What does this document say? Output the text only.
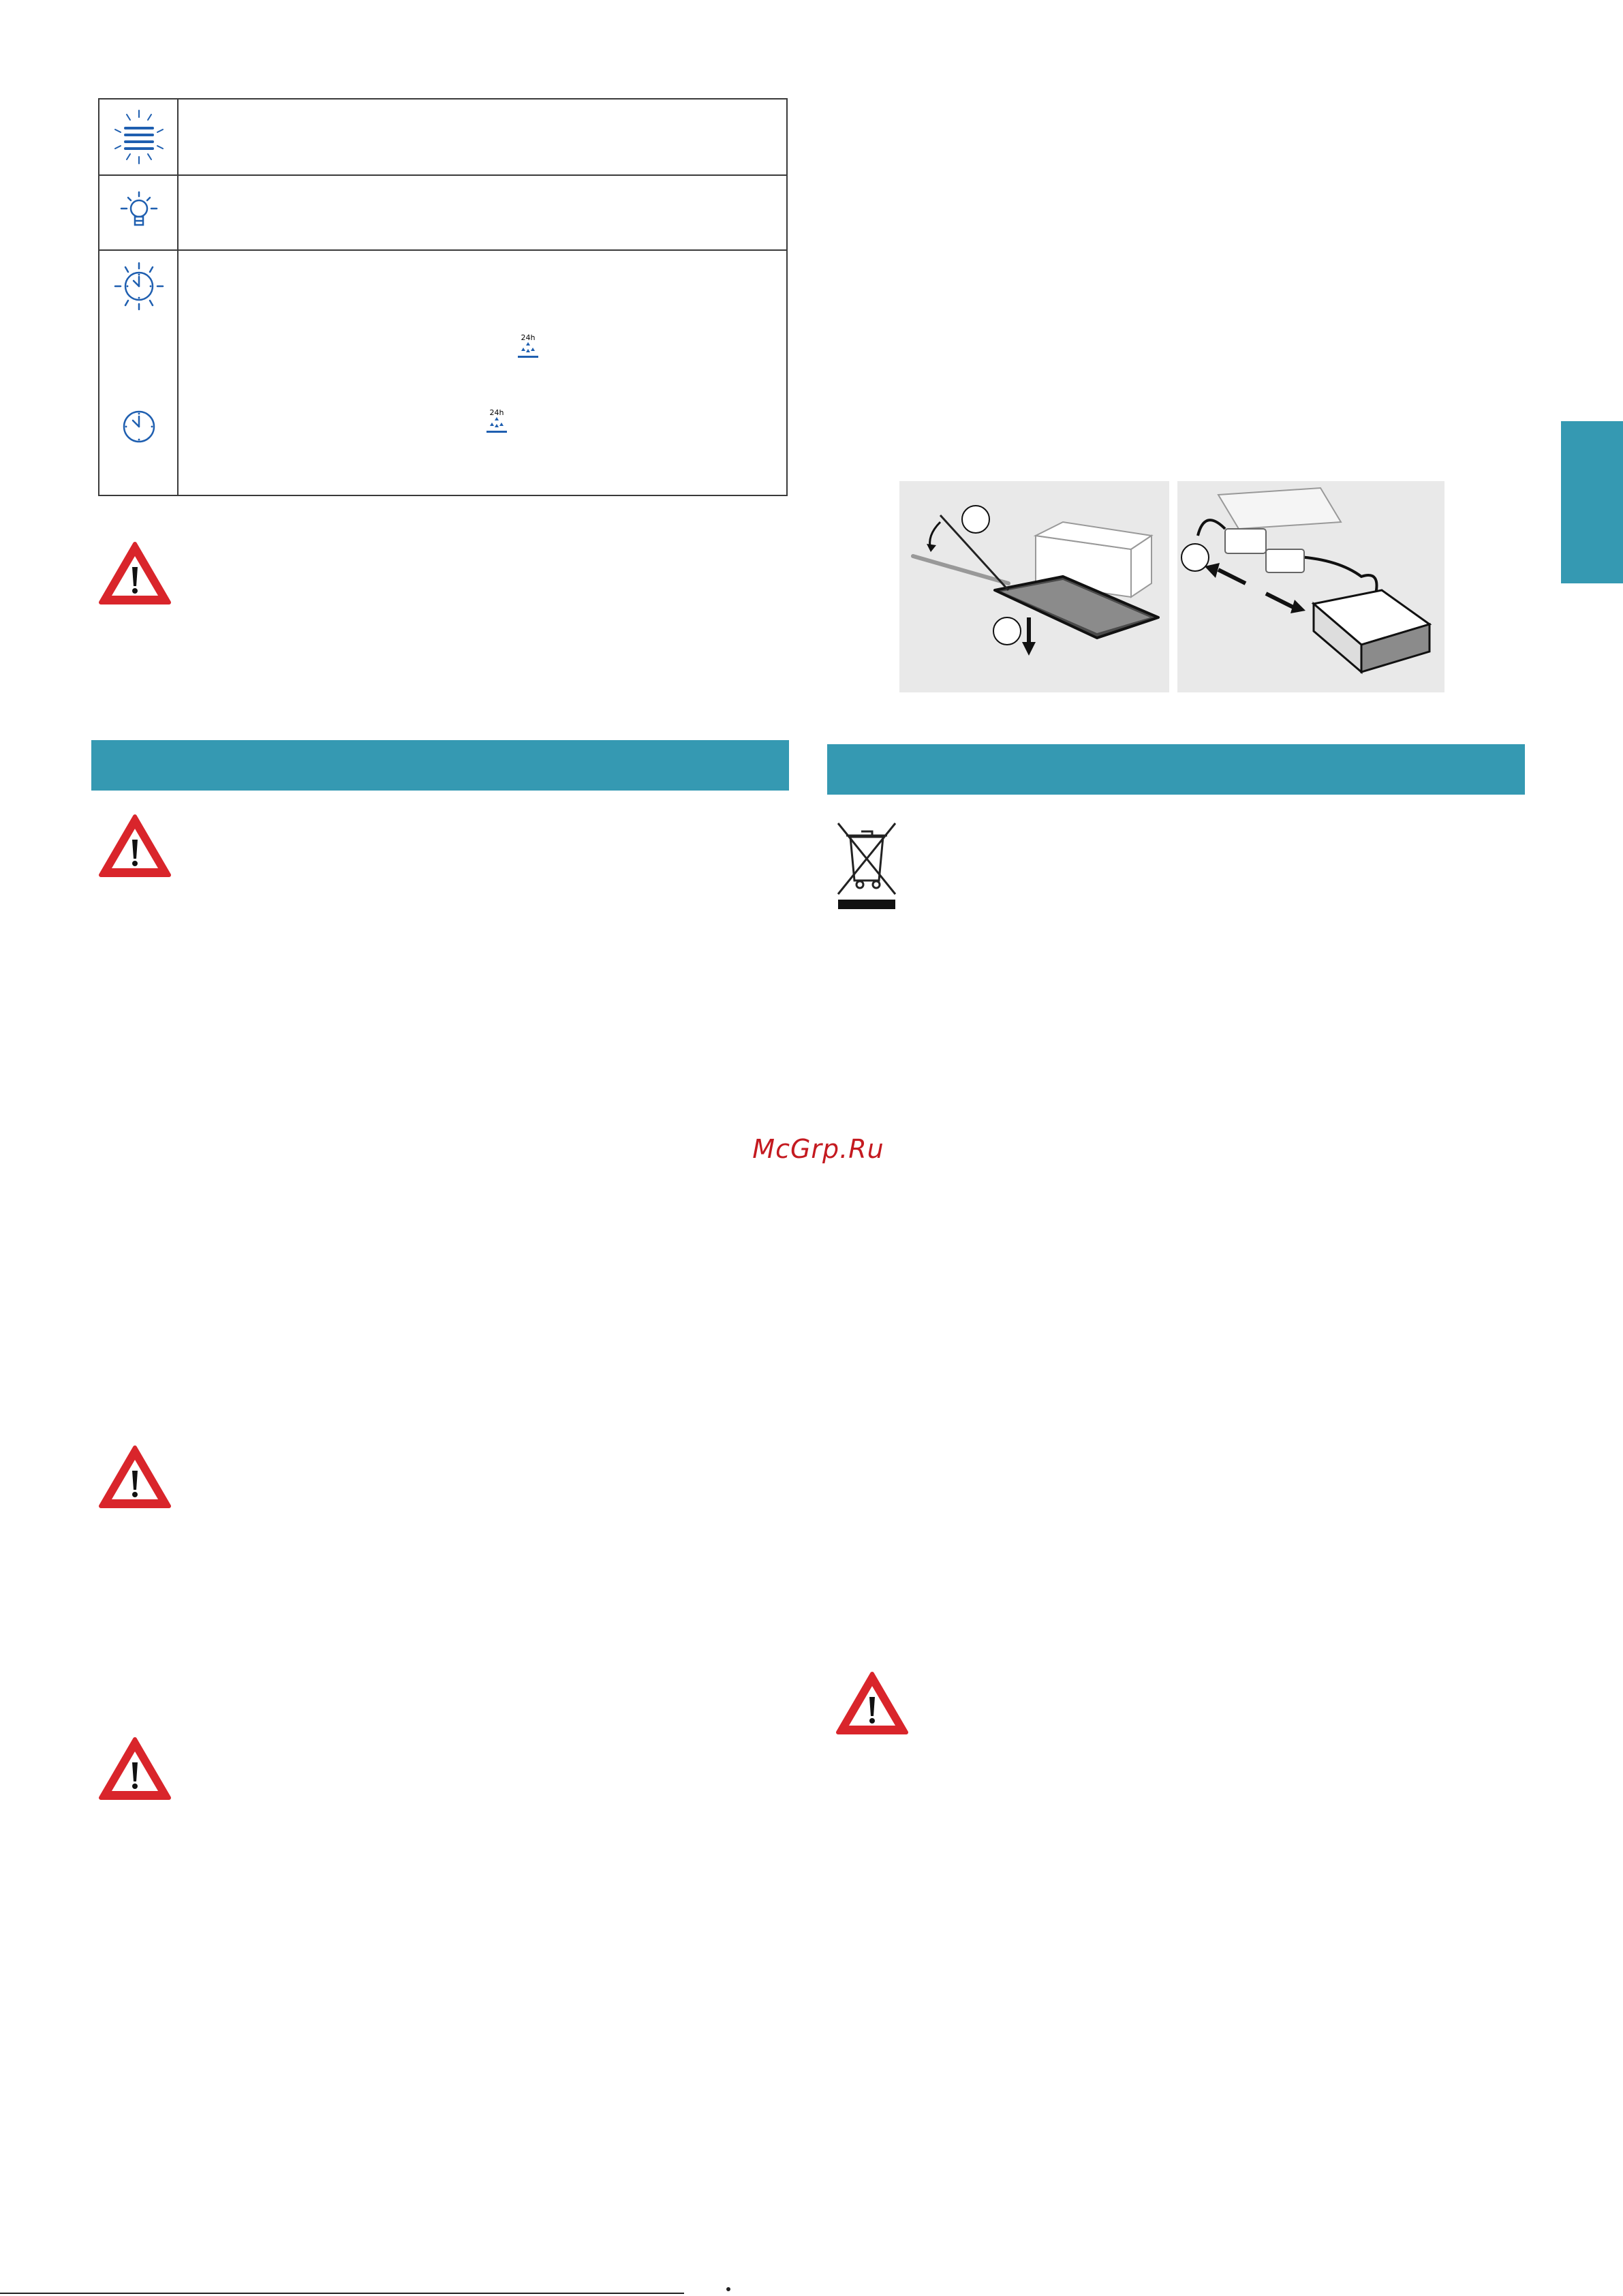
24h
24h
McGrp.Ru
